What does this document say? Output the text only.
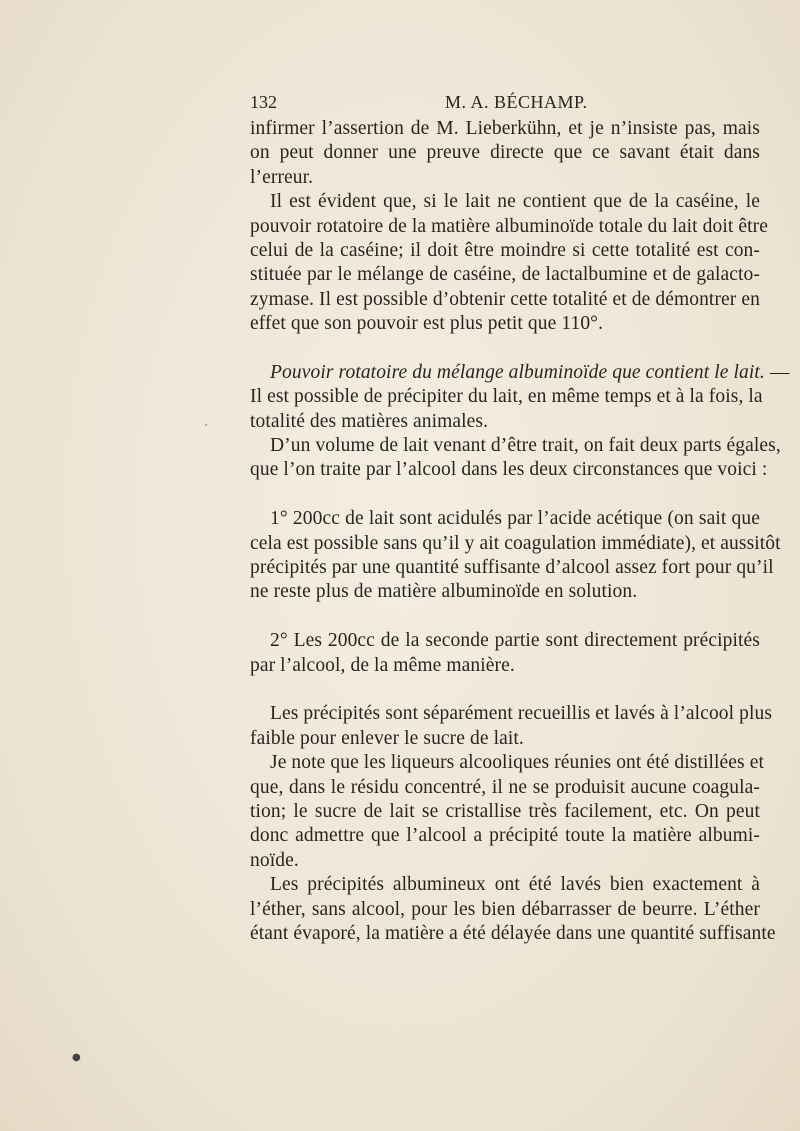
132	M. A. BÉCHAMP.
infirmer l’assertion de M. Lieberkühn, et je n’insiste pas, mais
on peut donner une preuve directe que ce savant était dans
l’erreur.
Il est évident que, si le lait ne contient que de la caséine, le
pouvoir rotatoire de la matière albuminoïde totale du lait doit être
celui de la caséine; il doit être moindre si cette totalité est con-
stituée par le mélange de caséine, de lactalbumine et de galacto-
zymase. Il est possible d’obtenir cette totalité et de démontrer en
effet que son pouvoir est plus petit que 110°.
Pouvoir rotatoire du mélange albuminoïde que contient le lait. —
Il est possible de précipiter du lait, en même temps et à la fois, la
totalité des matières animales.
D’un volume de lait venant d’être trait, on fait deux parts égales,
que l’on traite par l’alcool dans les deux circonstances que voici :
1° 200cc de lait sont acidulés par l’acide acétique (on sait que
cela est possible sans qu’il y ait coagulation immédiate), et aussitôt
précipités par une quantité suffisante d’alcool assez fort pour qu’il
ne reste plus de matière albuminoïde en solution.
2° Les 200cc de la seconde partie sont directement précipités
par l’alcool, de la même manière.
Les précipités sont séparément recueillis et lavés à l’alcool plus
faible pour enlever le sucre de lait.
Je note que les liqueurs alcooliques réunies ont été distillées et
que, dans le résidu concentré, il ne se produisit aucune coagula-
tion; le sucre de lait se cristallise très facilement, etc. On peut
donc admettre que l’alcool a précipité toute la matière albumi-
noïde.
Les précipités albumineux ont été lavés bien exactement à
l’éther, sans alcool, pour les bien débarrasser de beurre. L’éther
étant évaporé, la matière a été délayée dans une quantité suffisante
●
,
